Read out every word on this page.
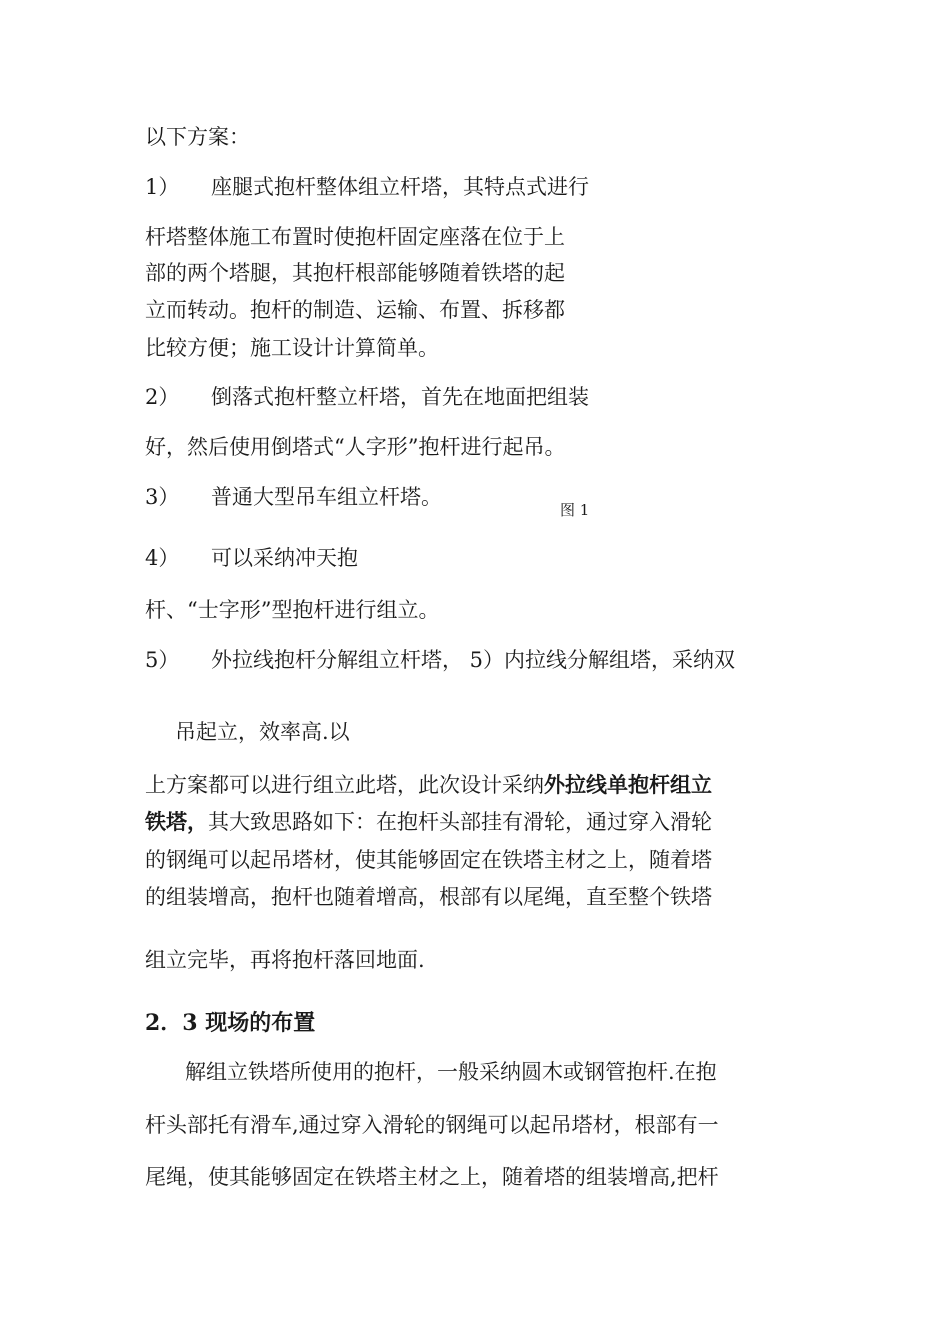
以下方案：

1） 座腿式抱杆整体组立杆塔，其特点式进行

杆塔整体施工布置时使抱杆固定座落在位于上

部的两个塔腿，其抱杆根部能够随着铁塔的起

立而转动。抱杆的制造、运输、布置、拆移都

比较方便；施工设计计算简单。

2） 倒落式抱杆整立杆塔，首先在地面把组装

好，然后使用倒塔式“人字形”抱杆进行起吊。

3） 普通大型吊车组立杆塔。

图 1

4） 可以采纳冲天抱

杆、“士字形”型抱杆进行组立。

5） 外拉线抱杆分解组立杆塔， 5）内拉线分解组塔，采纳双

吊起立，效率高.以

上方案都可以进行组立此塔，此次设计采纳外拉线单抱杆组立

铁塔，其大致思路如下：在抱杆头部挂有滑轮，通过穿入滑轮

的钢绳可以起吊塔材，使其能够固定在铁塔主材之上，随着塔

的组装增高，抱杆也随着增高，根部有以尾绳，直至整个铁塔

组立完毕，再将抱杆落回地面.

2．3 现场的布置

解组立铁塔所使用的抱杆，一般采纳圆木或钢管抱杆.在抱

杆头部托有滑车,通过穿入滑轮的钢绳可以起吊塔材，根部有一

尾绳，使其能够固定在铁塔主材之上，随着塔的组装增高,把杆
